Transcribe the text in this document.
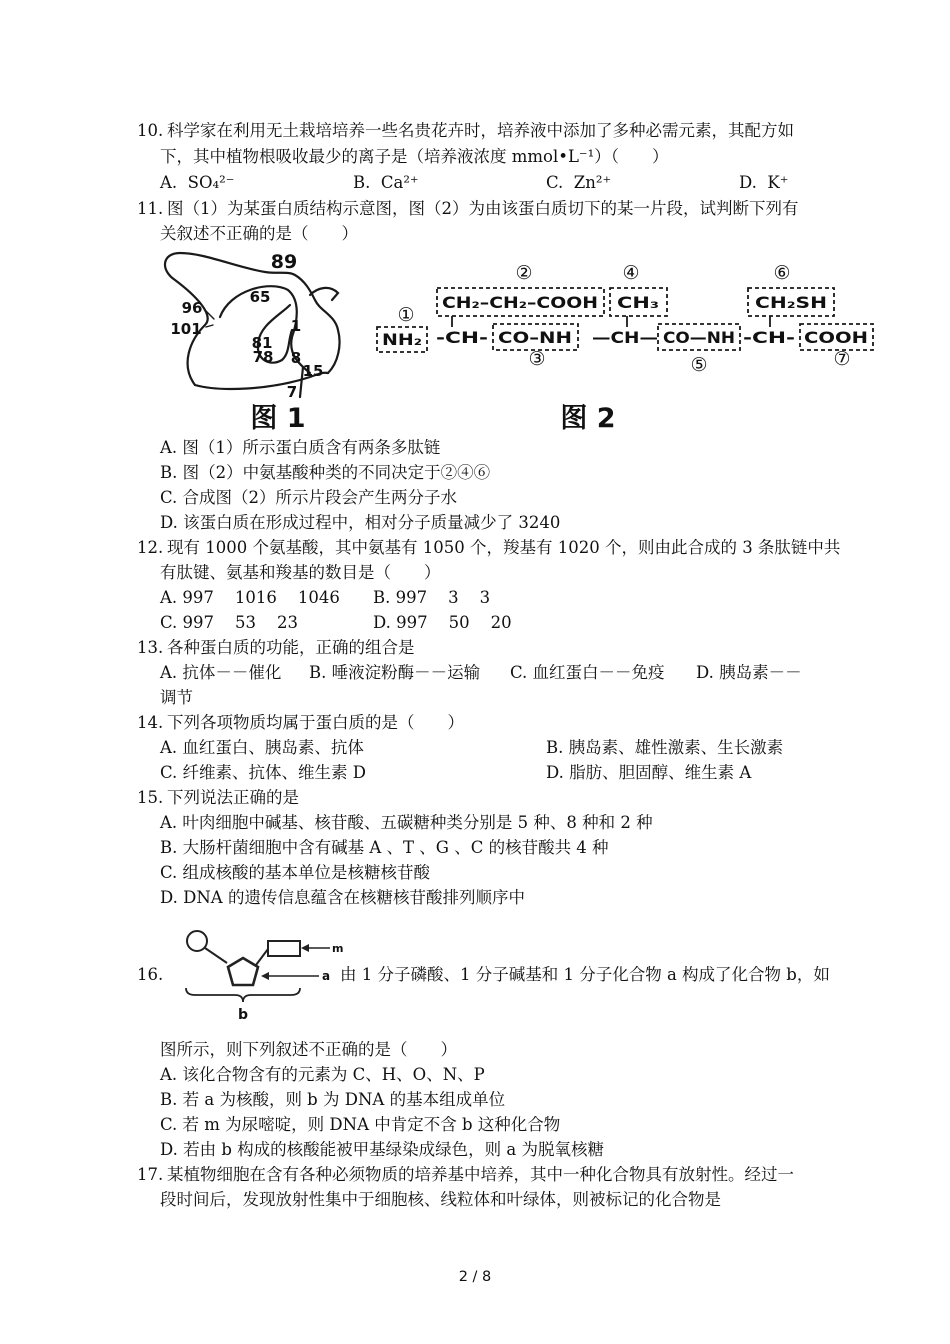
10. 科学家在利用无土栽培培养一些名贵花卉时，培养液中添加了多种必需元素，其配方如
下，其中植物根吸收最少的离子是（培养液浓度 mmol•L⁻¹）（　　）
A.  SO₄²⁻	B.  Ca²⁺	C.  Zn²⁺	D.  K⁺
11. 图（1）为某蛋白质结构示意图，图（2）为由该蛋白质切下的某一片段，试判断下列有
关叙述不正确的是（　　）
89
65
96
101	1
81
78 8
15
7
图 1
①
②
③
④
⑤
⑥
⑦
CH₂–CH₂–COOH CH₃	CH₂SH
NH₂ -CH- CO–NH —CH— CO—NH -CH- COOH
图 2
A. 图（1）所示蛋白质含有两条多肽链
B. 图（2）中氨基酸种类的不同决定于②④⑥
C. 合成图（2）所示片段会产生两分子水
D. 该蛋白质在形成过程中，相对分子质量减少了 3240
12. 现有 1000 个氨基酸，其中氨基有 1050 个，羧基有 1020 个，则由此合成的 3 条肽链中共
有肽键、氨基和羧基的数目是（　　）
A. 997    1016    1046 B. 997    3    3
C. 997    53    23	D. 997    50    20
13. 各种蛋白质的功能，正确的组合是
A. 抗体－－催化 B. 唾液淀粉酶－－运输 C. 血红蛋白－－免疫 D. 胰岛素－－
调节
14. 下列各项物质均属于蛋白质的是（　　）
A. 血红蛋白、胰岛素、抗体	B. 胰岛素、雄性激素、生长激素
C. 纤维素、抗体、维生素 D	D. 脂肪、胆固醇、维生素 A
15. 下列说法正确的是
A. 叶肉细胞中碱基、核苷酸、五碳糖种类分别是 5 种、8 种和 2 种
B. 大肠杆菌细胞中含有碱基 A 、T 、G 、C 的核苷酸共 4 种
C. 组成核酸的基本单位是核糖核苷酸
D. DNA 的遗传信息蕴含在核糖核苷酸排列顺序中
16.
m
a
b
由 1 分子磷酸、1 分子碱基和 1 分子化合物 a 构成了化合物 b，如
图所示，则下列叙述不正确的是（　　）
A. 该化合物含有的元素为 C、H、O、N、P
B. 若 a 为核酸，则 b 为 DNA 的基本组成单位
C. 若 m 为尿嘧啶，则 DNA 中肯定不含 b 这种化合物
D. 若由 b 构成的核酸能被甲基绿染成绿色，则 a 为脱氧核糖
17. 某植物细胞在含有各种必须物质的培养基中培养，其中一种化合物具有放射性。经过一
段时间后，发现放射性集中于细胞核、线粒体和叶绿体，则被标记的化合物是
2 / 8
